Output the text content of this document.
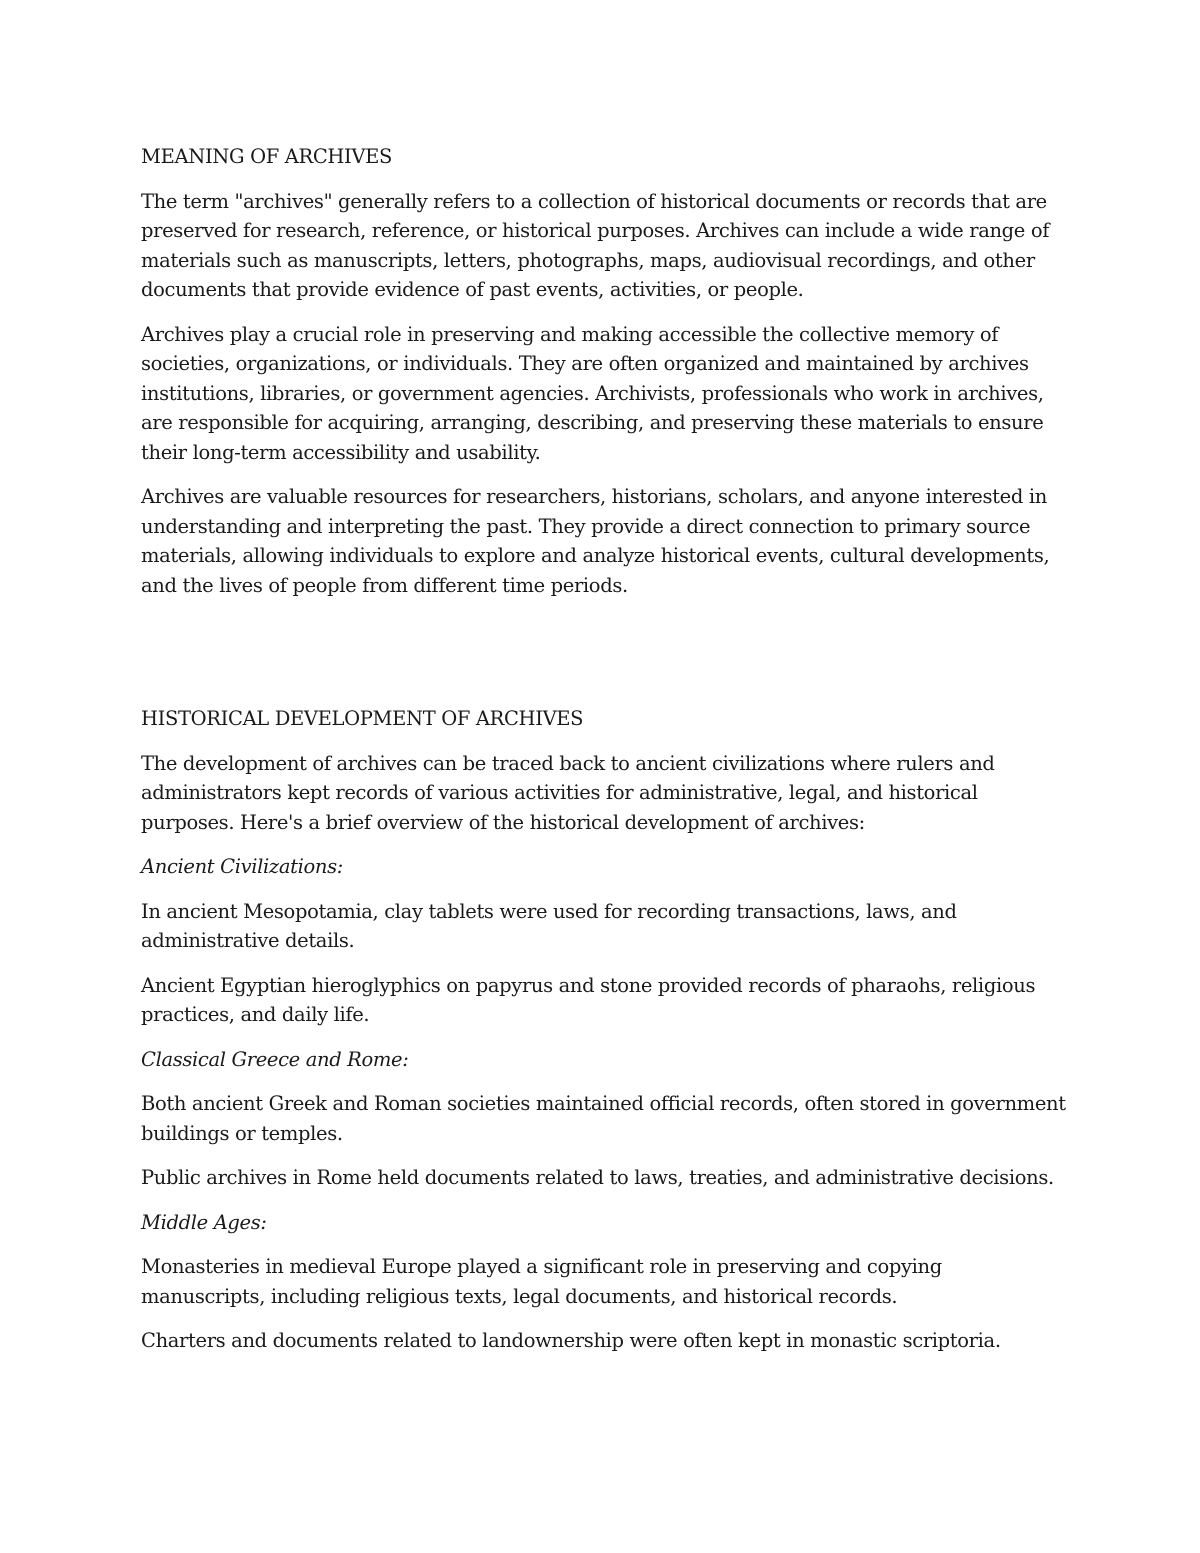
MEANING OF ARCHIVES

The term "archives" generally refers to a collection of historical documents or records that are preserved for research, reference, or historical purposes. Archives can include a wide range of materials such as manuscripts, letters, photographs, maps, audiovisual recordings, and other documents that provide evidence of past events, activities, or people.

Archives play a crucial role in preserving and making accessible the collective memory of societies, organizations, or individuals. They are often organized and maintained by archives institutions, libraries, or government agencies. Archivists, professionals who work in archives, are responsible for acquiring, arranging, describing, and preserving these materials to ensure their long-term accessibility and usability.

Archives are valuable resources for researchers, historians, scholars, and anyone interested in understanding and interpreting the past. They provide a direct connection to primary source materials, allowing individuals to explore and analyze historical events, cultural developments, and the lives of people from different time periods.

HISTORICAL DEVELOPMENT OF ARCHIVES

The development of archives can be traced back to ancient civilizations where rulers and administrators kept records of various activities for administrative, legal, and historical purposes. Here's a brief overview of the historical development of archives:

Ancient Civilizations:

In ancient Mesopotamia, clay tablets were used for recording transactions, laws, and administrative details.

Ancient Egyptian hieroglyphics on papyrus and stone provided records of pharaohs, religious practices, and daily life.

Classical Greece and Rome:

Both ancient Greek and Roman societies maintained official records, often stored in government buildings or temples.

Public archives in Rome held documents related to laws, treaties, and administrative decisions.

Middle Ages:

Monasteries in medieval Europe played a significant role in preserving and copying manuscripts, including religious texts, legal documents, and historical records.

Charters and documents related to landownership were often kept in monastic scriptoria.
